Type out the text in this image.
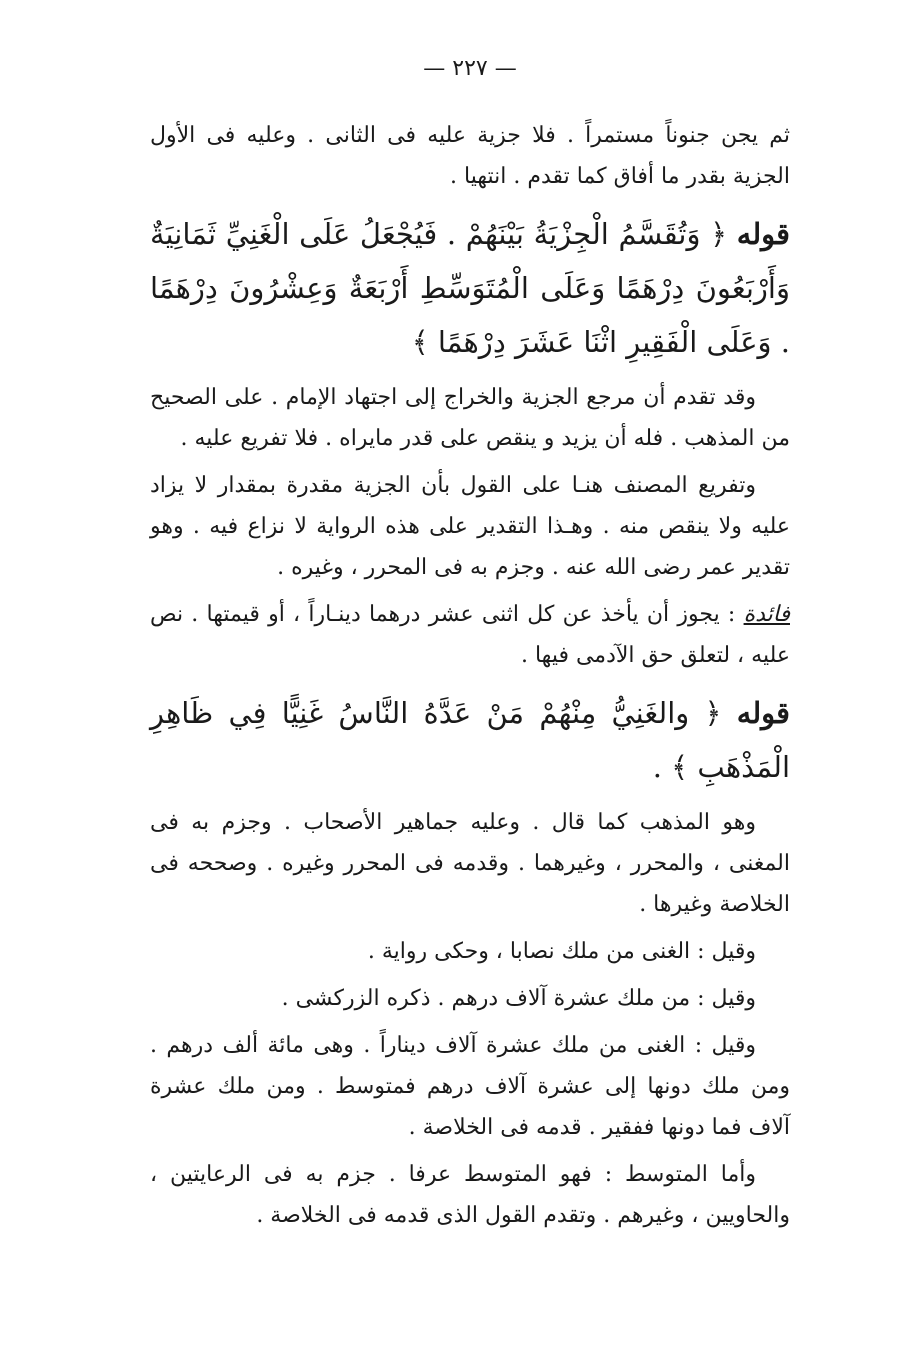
— ٢٢٧ —

ثم يجن جنوناً مستمراً . فلا جزية عليه فى الثانى . وعليه فى الأول الجزية بقدر ما أفاق كما تقدم . انتهيا .

قوله ﴿ وَتُقَسَّمُ الْجِزْيَةُ بَيْنَهُمْ . فَيُجْعَلُ عَلَى الْغَنِيِّ ثَمَانِيَةٌ وَأَرْبَعُونَ دِرْهَمًا وَعَلَى الْمُتَوَسِّطِ أَرْبَعَةٌ وَعِشْرُونَ دِرْهَمًا . وَعَلَى الْفَقِيرِ اثْنَا عَشَرَ دِرْهَمًا ﴾

وقد تقدم أن مرجع الجزية والخراج إلى اجتهاد الإمام . على الصحيح من المذهب . فله أن يزيد و ينقص على قدر مايراه . فلا تفريع عليه .

وتفريع المصنف هنـا على القول بأن الجزية مقدرة بمقدار لا يزاد عليه ولا ينقص منه . وهـذا التقدير على هذه الرواية لا نزاع فيه . وهو تقدير عمر رضى الله عنه . وجزم به فى المحرر ، وغيره .

فائدة : يجوز أن يأخذ عن كل اثنى عشر درهما دينـاراً ، أو قيمتها . نص عليه ، لتعلق حق الآدمى فيها .

قوله ﴿ والغَنِيُّ مِنْهُمْ مَنْ عَدَّهُ النَّاسُ غَنِيًّا فِي ظَاهِرِ الْمَذْهَبِ ﴾ .

وهو المذهب كما قال . وعليه جماهير الأصحاب . وجزم به فى المغنى ، والمحرر ، وغيرهما . وقدمه فى المحرر وغيره . وصححه فى الخلاصة وغيرها .

وقيل : الغنى من ملك نصابا ، وحكى رواية .

وقيل : من ملك عشرة آلاف درهم . ذكره الزركشى .

وقيل : الغنى من ملك عشرة آلاف ديناراً . وهى مائة ألف درهم . ومن ملك دونها إلى عشرة آلاف درهم فمتوسط . ومن ملك عشرة آلاف فما دونها ففقير . قدمه فى الخلاصة .

وأما المتوسط : فهو المتوسط عرفا . جزم به فى الرعايتين ، والحاويين ، وغيرهم . وتقدم القول الذى قدمه فى الخلاصة .
